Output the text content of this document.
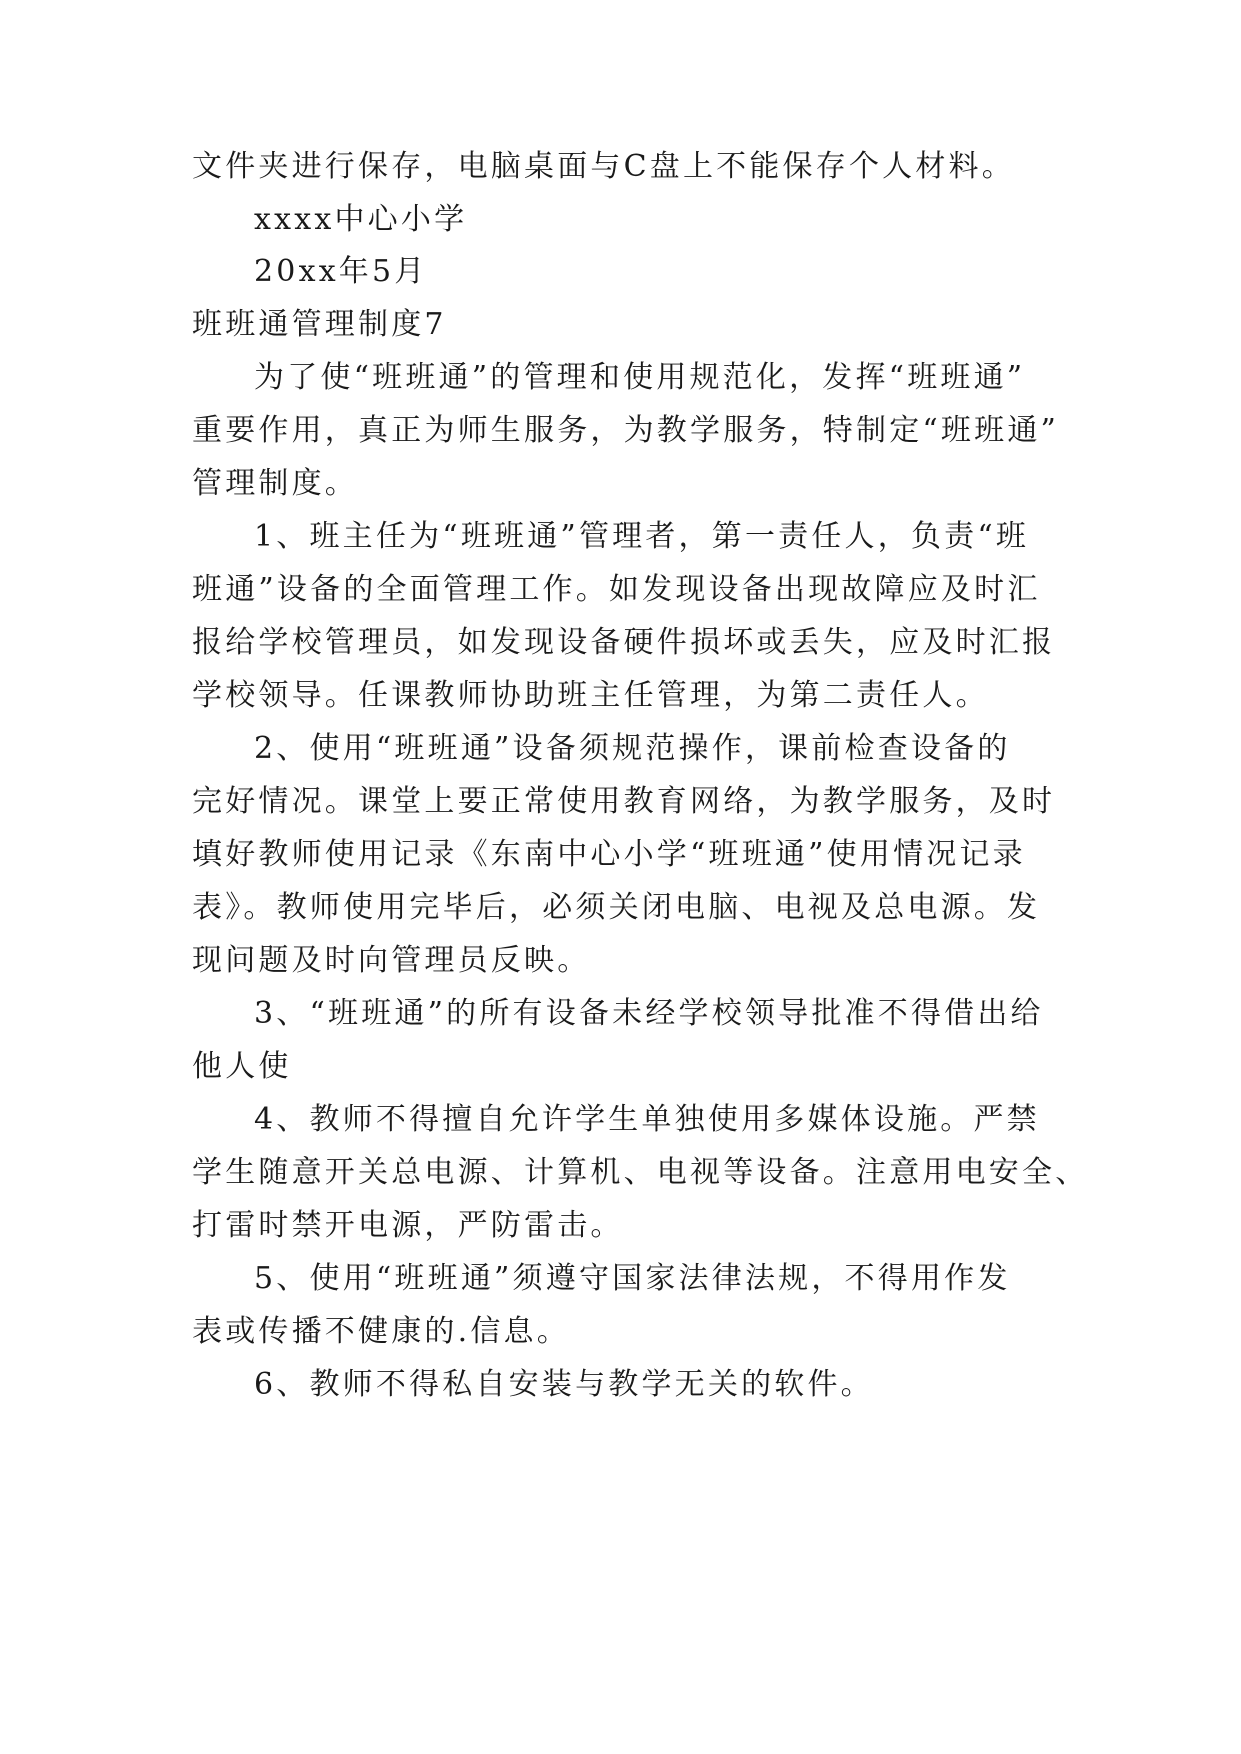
文件夹进行保存，电脑桌面与C盘上不能保存个人材料。
xxxx中心小学
20xx年5月
班班通管理制度7
为了使“班班通”的管理和使用规范化，发挥“班班通”
重要作用，真正为师生服务，为教学服务，特制定“班班通”
管理制度。
1、班主任为“班班通”管理者，第一责任人，负责“班
班通”设备的全面管理工作。如发现设备出现故障应及时汇
报给学校管理员，如发现设备硬件损坏或丢失，应及时汇报
学校领导。任课教师协助班主任管理，为第二责任人。
2、使用“班班通”设备须规范操作，课前检查设备的
完好情况。课堂上要正常使用教育网络，为教学服务，及时
填好教师使用记录《东南中心小学“班班通”使用情况记录
表》。教师使用完毕后，必须关闭电脑、电视及总电源。发
现问题及时向管理员反映。
3、“班班通”的所有设备未经学校领导批准不得借出给
他人使
4、教师不得擅自允许学生单独使用多媒体设施。严禁
学生随意开关总电源、计算机、电视等设备。注意用电安全、
打雷时禁开电源，严防雷击。
5、使用“班班通”须遵守国家法律法规，不得用作发
表或传播不健康的.信息。
6、教师不得私自安装与教学无关的软件。
